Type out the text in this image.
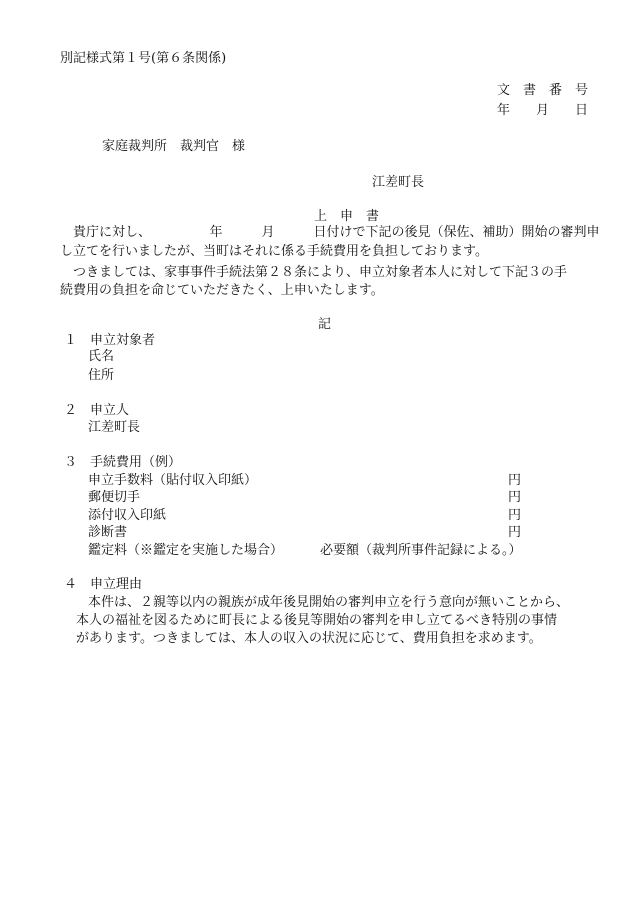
別記様式第１号(第６条関係)
文　書　番　号
年　　月　　日
家庭裁判所　裁判官　様
江差町長
上　申　書
　貴庁に対し、　　　　　年　　　月　　　日付けで下記の後見（保佐、補助）開始の審判申
し立てを行いましたが、当町はそれに係る手続費用を負担しております。
　つきましては、家事事件手続法第２８条により、申立対象者本人に対して下記３の手
続費用の負担を命じていただきたく、上申いたします。
記
１　申立対象者
氏名
住所
２　申立人
江差町長
３　手続費用（例）
申立手数料（貼付収入印紙）	円
郵便切手	円
添付収入印紙	円
診断書	円
鑑定料（※鑑定を実施した場合）	必要額（裁判所事件記録による。）
４　申立理由
本件は、２親等以内の親族が成年後見開始の審判申立を行う意向が無いことから、
本人の福祉を図るために町長による後見等開始の審判を申し立てるべき特別の事情
があります。つきましては、本人の収入の状況に応じて、費用負担を求めます。
